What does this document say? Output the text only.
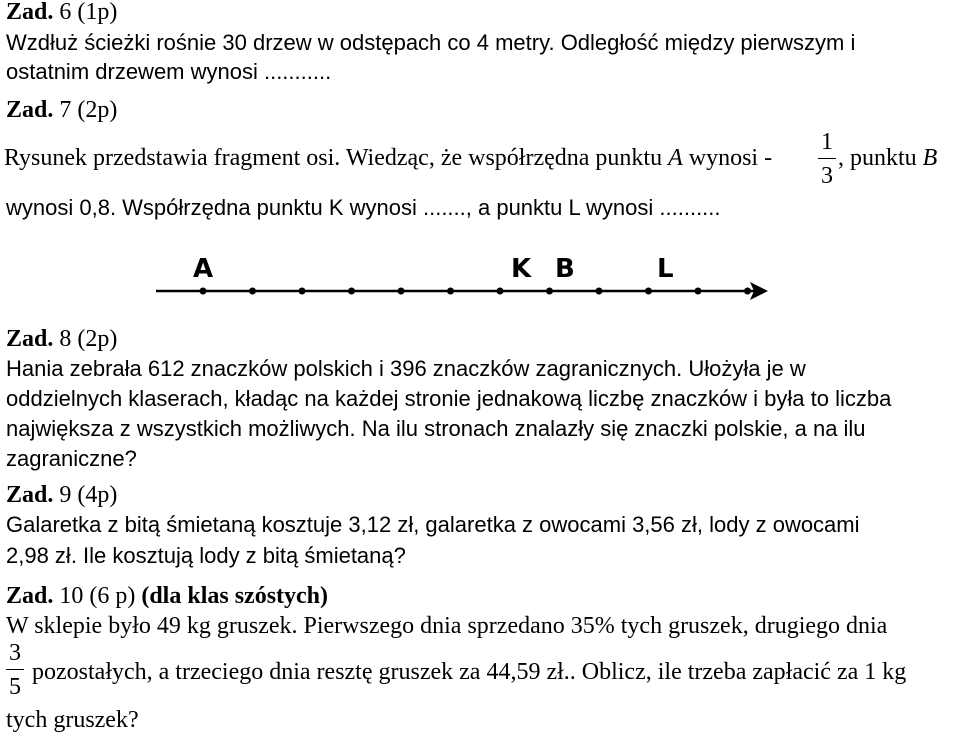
Zad. 6 (1p)
Wzdłuż ścieżki rośnie 30 drzew w odstępach co 4 metry. Odległość między pierwszym i
ostatnim drzewem wynosi ...........
Zad. 7 (2p)
Rysunek przedstawia fragment osi. Wiedząc, że współrzędna punktu A wynosi -
1
3
, punktu B
wynosi 0,8. Współrzędna punktu K wynosi ......., a punktu L wynosi ..........
A	K B	L
Zad. 8 (2p)
Hania zebrała 612 znaczków polskich i 396 znaczków zagranicznych. Ułożyła je w
oddzielnych klaserach, kładąc na każdej stronie jednakową liczbę znaczków i była to liczba
największa z wszystkich możliwych. Na ilu stronach znalazły się znaczki polskie, a na ilu
zagraniczne?
Zad. 9 (4p)
Galaretka z bitą śmietaną kosztuje 3,12 zł, galaretka z owocami 3,56 zł, lody z owocami
2,98 zł. Ile kosztują lody z bitą śmietaną?
Zad. 10 (6 p) (dla klas szóstych)
W sklepie było 49 kg gruszek. Pierwszego dnia sprzedano 35% tych gruszek, drugiego dnia
3
5
pozostałych, a trzeciego dnia resztę gruszek za 44,59 zł.. Oblicz, ile trzeba zapłacić za 1 kg
tych gruszek?
